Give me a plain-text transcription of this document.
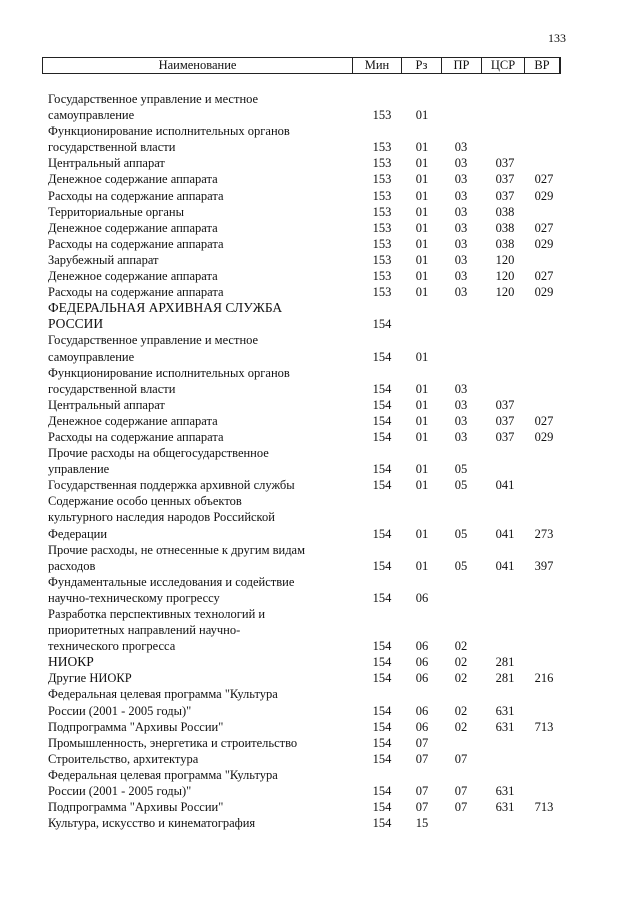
133
Наименование	Мин	Рз	ПР	ЦСР	ВР
Государственное управление и местное
самоуправление	153	01
Функционирование исполнительных органов
государственной власти	153	01	03
Центральный аппарат	153	01	03	037
Денежное содержание аппарата	153	01	03	037	027
Расходы на содержание аппарата	153	01	03	037	029
Территориальные органы	153	01	03	038
Денежное содержание аппарата	153	01	03	038	027
Расходы на содержание аппарата	153	01	03	038	029
Зарубежный аппарат	153	01	03	120
Денежное содержание аппарата	153	01	03	120	027
Расходы на содержание аппарата	153	01	03	120	029
ФЕДЕРАЛЬНАЯ АРХИВНАЯ СЛУЖБА
РОССИИ	154
Государственное управление и местное
самоуправление	154	01
Функционирование исполнительных органов
государственной власти	154	01	03
Центральный аппарат	154	01	03	037
Денежное содержание аппарата	154	01	03	037	027
Расходы на содержание аппарата	154	01	03	037	029
Прочие расходы на общегосударственное
управление	154	01	05
Государственная поддержка архивной службы	154	01	05	041
Содержание особо ценных объектов
культурного наследия народов Российской
Федерации	154	01	05	041	273
Прочие расходы, не отнесенные к другим видам
расходов	154	01	05	041	397
Фундаментальные исследования и содействие
научно-техническому прогрессу	154	06
Разработка перспективных технологий и
приоритетных направлений научно-
технического прогресса	154	06	02
НИОКР	154	06	02	281
Другие НИОКР	154	06	02	281	216
Федеральная целевая программа "Культура
России (2001 - 2005 годы)"	154	06	02	631
Подпрограмма "Архивы России"	154	06	02	631	713
Промышленность, энергетика и строительство	154	07
Строительство, архитектура	154	07	07
Федеральная целевая программа "Культура
России (2001 - 2005 годы)"	154	07	07	631
Подпрограмма "Архивы России"	154	07	07	631	713
Культура, искусство и кинематография	154	15
